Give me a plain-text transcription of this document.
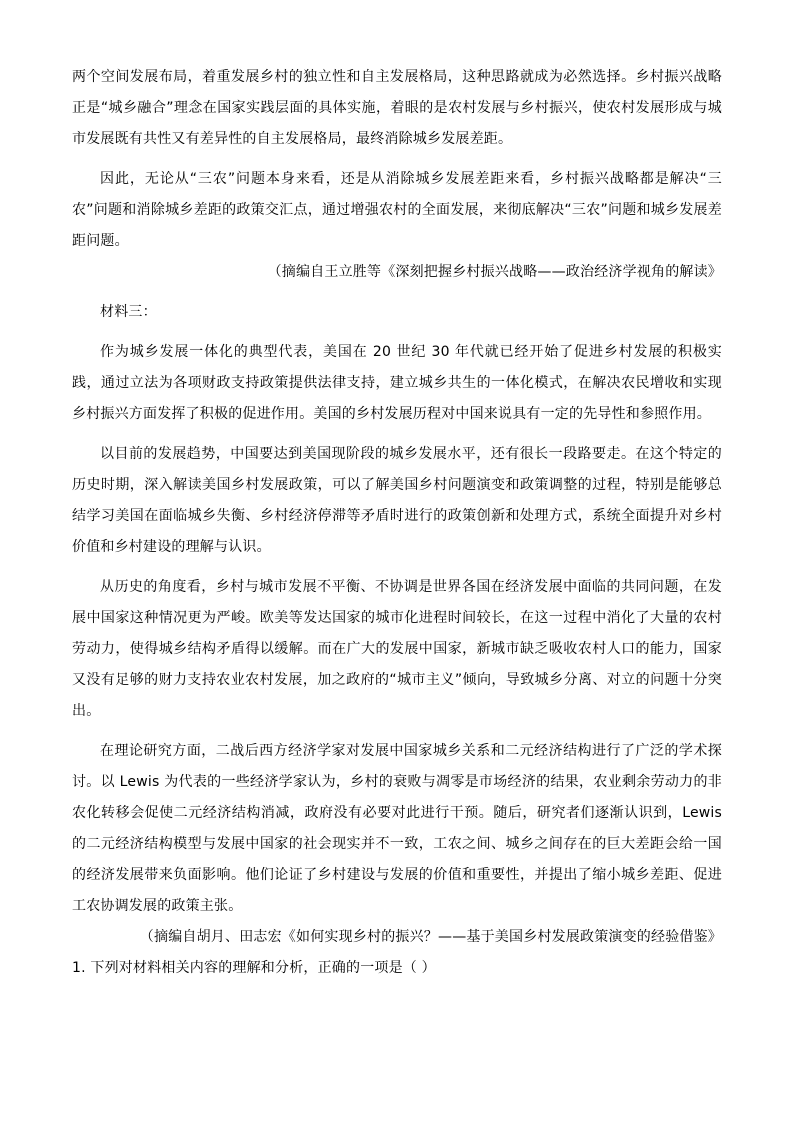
两个空间发展布局，着重发展乡村的独立性和自主发展格局，这种思路就成为必然选择。乡村振兴战略正是“城乡融合”理念在国家实践层面的具体实施，着眼的是农村发展与乡村振兴，使农村发展形成与城市发展既有共性又有差异性的自主发展格局，最终消除城乡发展差距。

因此，无论从“三农”问题本身来看，还是从消除城乡发展差距来看，乡村振兴战略都是解决“三农”问题和消除城乡差距的政策交汇点，通过增强农村的全面发展，来彻底解决“三农”问题和城乡发展差距问题。

（摘编自王立胜等《深刻把握乡村振兴战略——政治经济学视角的解读》

材料三：

作为城乡发展一体化的典型代表，美国在 20 世纪 30 年代就已经开始了促进乡村发展的积极实践，通过立法为各项财政支持政策提供法律支持，建立城乡共生的一体化模式，在解决农民增收和实现乡村振兴方面发挥了积极的促进作用。美国的乡村发展历程对中国来说具有一定的先导性和参照作用。

以目前的发展趋势，中国要达到美国现阶段的城乡发展水平，还有很长一段路要走。在这个特定的历史时期，深入解读美国乡村发展政策，可以了解美国乡村问题演变和政策调整的过程，特别是能够总结学习美国在面临城乡失衡、乡村经济停滞等矛盾时进行的政策创新和处理方式，系统全面提升对乡村价值和乡村建设的理解与认识。

从历史的角度看，乡村与城市发展不平衡、不协调是世界各国在经济发展中面临的共同问题，在发展中国家这种情况更为严峻。欧美等发达国家的城市化进程时间较长，在这一过程中消化了大量的农村劳动力，使得城乡结构矛盾得以缓解。而在广大的发展中国家，新城市缺乏吸收农村人口的能力，国家又没有足够的财力支持农业农村发展，加之政府的“城市主义”倾向，导致城乡分离、对立的问题十分突出。

在理论研究方面，二战后西方经济学家对发展中国家城乡关系和二元经济结构进行了广泛的学术探讨。以 Lewis 为代表的一些经济学家认为，乡村的衰败与凋零是市场经济的结果，农业剩余劳动力的非农化转移会促使二元经济结构消减，政府没有必要对此进行干预。随后，研究者们逐渐认识到，Lewis 的二元经济结构模型与发展中国家的社会现实并不一致，工农之间、城乡之间存在的巨大差距会给一国的经济发展带来负面影响。他们论证了乡村建设与发展的价值和重要性，并提出了缩小城乡差距、促进工农协调发展的政策主张。

（摘编自胡月、田志宏《如何实现乡村的振兴？——基于美国乡村发展政策演变的经验借鉴》

1. 下列对材料相关内容的理解和分析，正确的一项是（ ）
